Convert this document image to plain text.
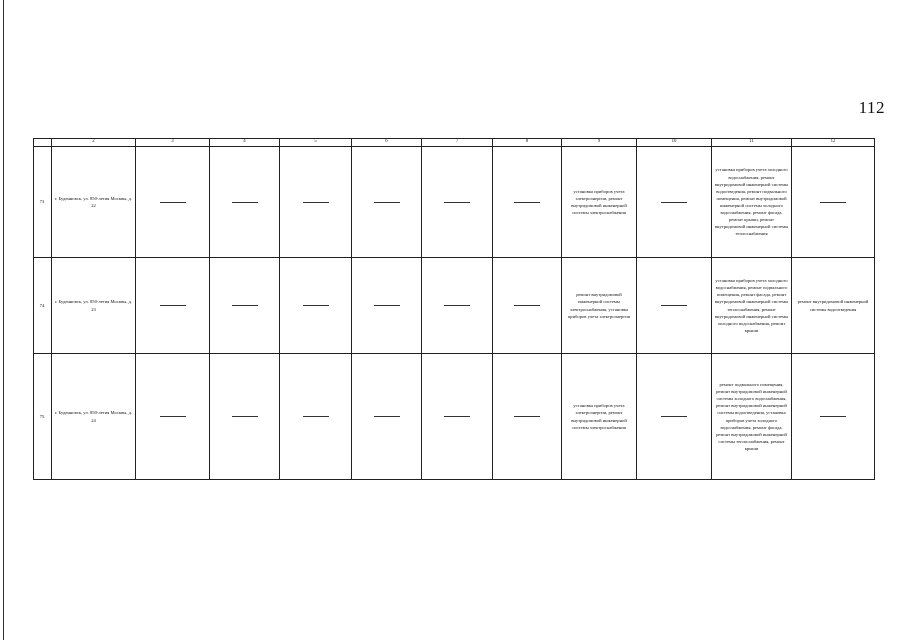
112
	2	3	4	5	6	7	8	9	10	11	12
73.	г. Буденновск, ул. 850-летия Москвы, д. 22							установка приборов учета электроэнергии, ремонт внутридомовой инженерной системы электроснабжения		установка приборов учета холодного водоснабжения, ремонт внутридомовой инженерной системы водоотведения, ремонт подвального помещения, ремонт внутридомовой инженерной системы холодного водоснабжения, ремонт фасада, ремонт крыши, ремонт внутридомовой инженерной системы теплоснабжения	

74.	г. Буденновск, ул. 850-летия Москвы, д. 23							ремонт внутридомовой инженерной системы электроснабжения, установка приборов учета электроэнергии		установка приборов учета холодного водоснабжения, ремонт подвального помещения, ремонт фасада, ремонт внутридомовой инженерной системы теплоснабжения, ремонт внутридомовой инженерной системы холодного водоснабжения, ремонт крыши	ремонт внутридомовой инженерной системы водоотведения
75.	г. Буденновск, ул. 850-летия Москвы, д. 24							установка приборов учета электроэнергии, ремонт внутридомовой инженерной системы электроснабжения		ремонт подвального помещения, ремонт внутридомовой инженерной системы холодного водоснабжения, ремонт внутридомовой инженерной системы водоотведения, установка приборов учета холодного водоснабжения, ремонт фасада, ремонт внутридомовой инженерной системы теплоснабжения, ремонт крыши	
